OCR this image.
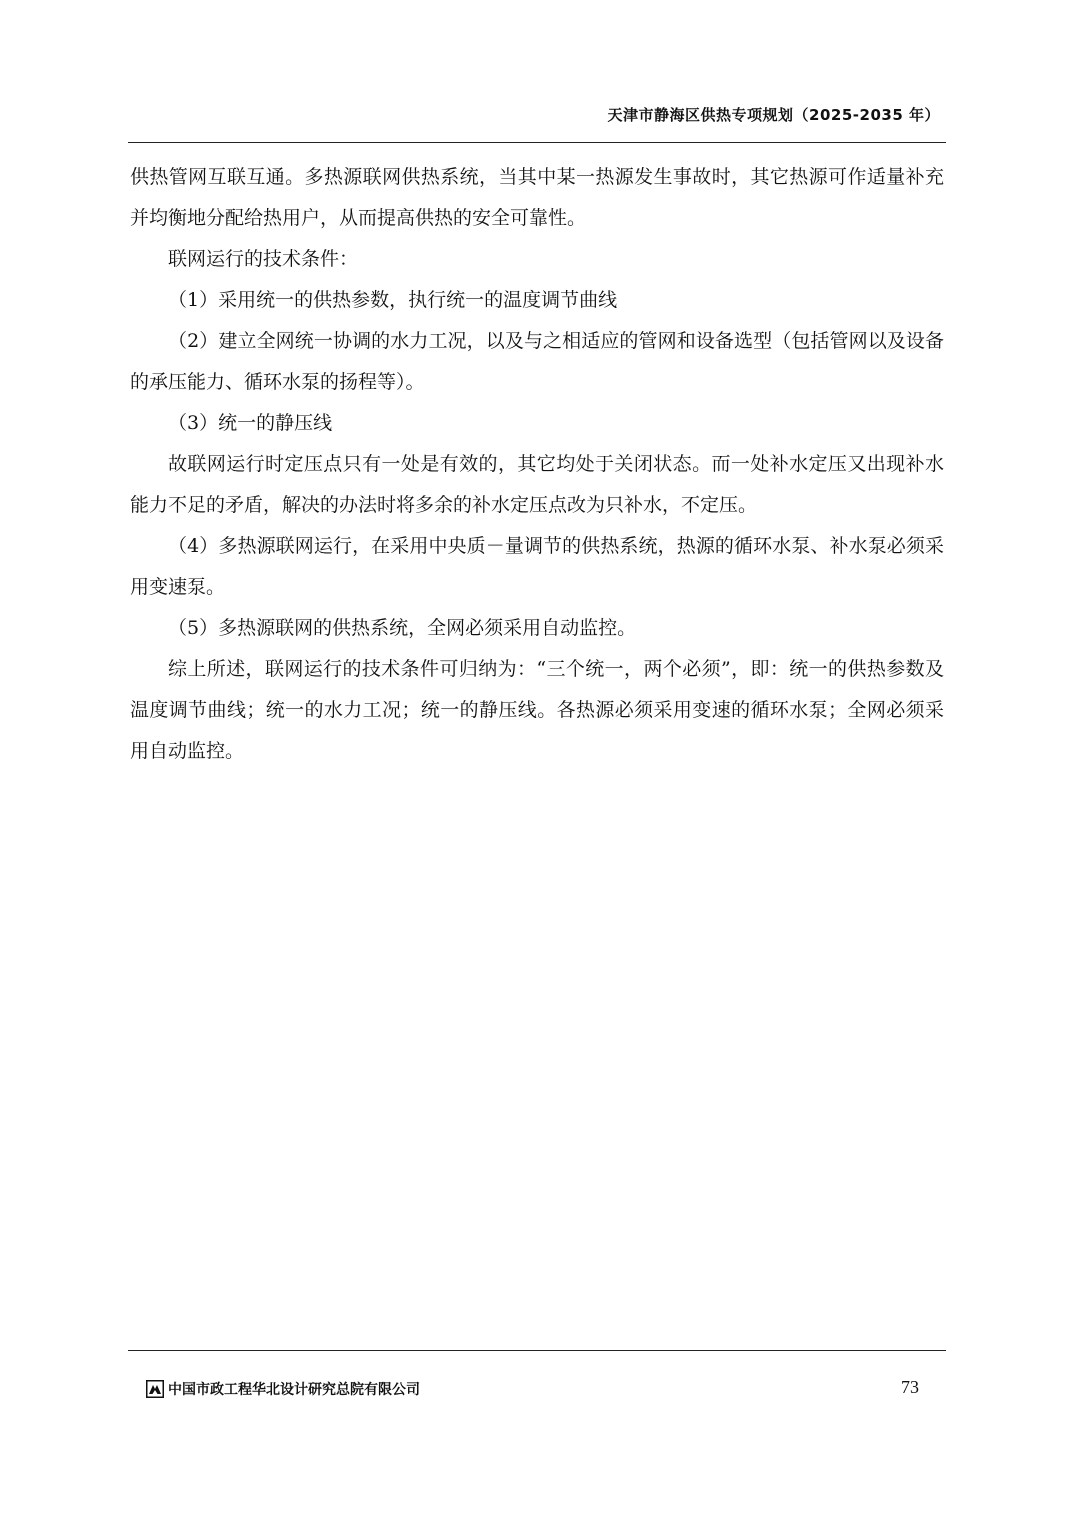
天津市静海区供热专项规划（2025-2035 年）

供热管网互联互通。多热源联网供热系统，当其中某一热源发生事故时，其它热源可作适量补充并均衡地分配给热用户，从而提高供热的安全可靠性。

联网运行的技术条件：

（1）采用统一的供热参数，执行统一的温度调节曲线

（2）建立全网统一协调的水力工况，以及与之相适应的管网和设备选型（包括管网以及设备的承压能力、循环水泵的扬程等）。

（3）统一的静压线

故联网运行时定压点只有一处是有效的，其它均处于关闭状态。而一处补水定压又出现补水能力不足的矛盾，解决的办法时将多余的补水定压点改为只补水，不定压。

（4）多热源联网运行，在采用中央质－量调节的供热系统，热源的循环水泵、补水泵必须采用变速泵。

（5）多热源联网的供热系统，全网必须采用自动监控。

综上所述，联网运行的技术条件可归纳为：“三个统一，两个必须”，即：统一的供热参数及温度调节曲线；统一的水力工况；统一的静压线。各热源必须采用变速的循环水泵；全网必须采用自动监控。

中国市政工程华北设计研究总院有限公司	73
